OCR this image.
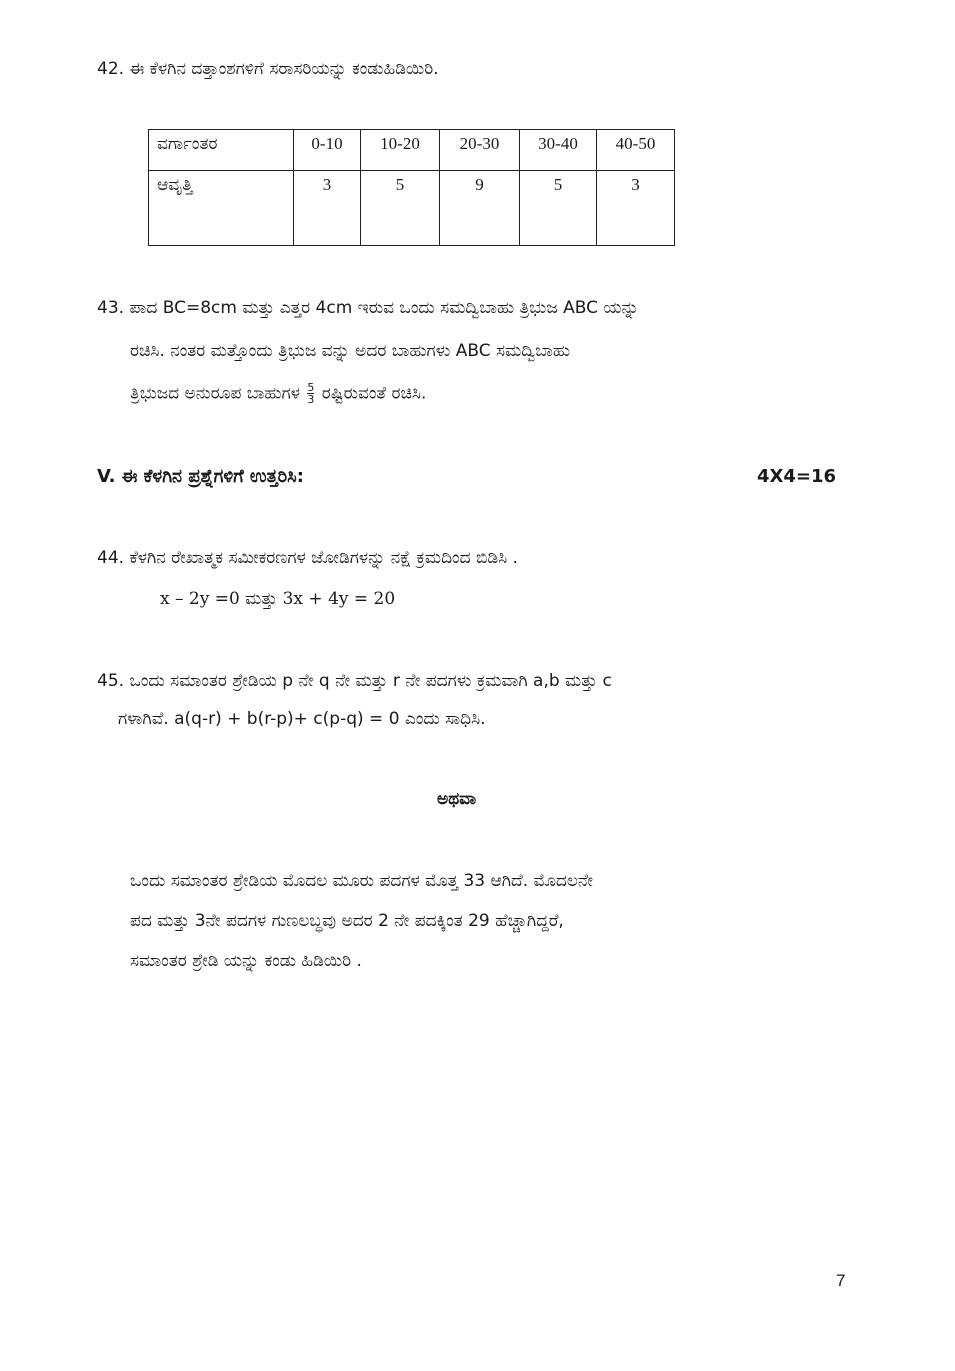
42. ಈ ಕೆಳಗಿನ ದತ್ತಾಂಶಗಳಿಗೆ ಸರಾಸರಿಯನ್ನು ಕಂಡುಹಿಡಿಯಿರಿ.
ವರ್ಗಾಂತರ	0-10	10-20	20-30	30-40	40-50
ಆವೃತ್ತಿ	3	5	9	5	3
43. ಪಾದ BC=8cm ಮತ್ತು ಎತ್ತರ 4cm ಇರುವ ಒಂದು ಸಮದ್ವಿಬಾಹು ತ್ರಿಭುಜ ABC ಯನ್ನು
ರಚಿಸಿ. ನಂತರ ಮತ್ತೊಂದು ತ್ರಿಭುಜ ವನ್ನು ಅದರ ಬಾಹುಗಳು ABC ಸಮದ್ವಿಬಾಹು
ತ್ರಿಭುಜದ ಅನುರೂಪ ಬಾಹುಗಳ $\frac{5}{3}$ ರಷ್ಟಿರುವಂತೆ ರಚಿಸಿ.
V. ಈ ಕೆಳಗಿನ ಪ್ರಶ್ನೆಗಳಿಗೆ ಉತ್ತರಿಸಿ:	4X4=16
44. ಕೆಳಗಿನ ರೇಖಾತ್ಮಕ ಸಮೀಕರಣಗಳ ಜೋಡಿಗಳನ್ನು ನಕ್ಷೆ ಕ್ರಮದಿಂದ ಬಿಡಿಸಿ .
x – 2y =0 ಮತ್ತು 3x + 4y = 20
45. ಒಂದು ಸಮಾಂತರ ಶ್ರೇಡಿಯ p ನೇ q ನೇ ಮತ್ತು r ನೇ ಪದಗಳು ಕ್ರಮವಾಗಿ a,b ಮತ್ತು c
ಗಳಾಗಿವೆ. a(q-r) + b(r-p)+ c(p-q) = 0 ಎಂದು ಸಾಧಿಸಿ.
ಅಥವಾ
ಒಂದು ಸಮಾಂತರ ಶ್ರೇಡಿಯ ಮೊದಲ ಮೂರು ಪದಗಳ ಮೊತ್ತ 33 ಆಗಿದೆ. ಮೊದಲನೇ
ಪದ ಮತ್ತು 3ನೇ ಪದಗಳ ಗುಣಲಬ್ಧವು ಅದರ 2 ನೇ ಪದಕ್ಕಿಂತ 29 ಹೆಚ್ಚಾಗಿದ್ದರೆ,
ಸಮಾಂತರ ಶ್ರೇಡಿ ಯನ್ನು ಕಂಡು ಹಿಡಿಯಿರಿ .
7
